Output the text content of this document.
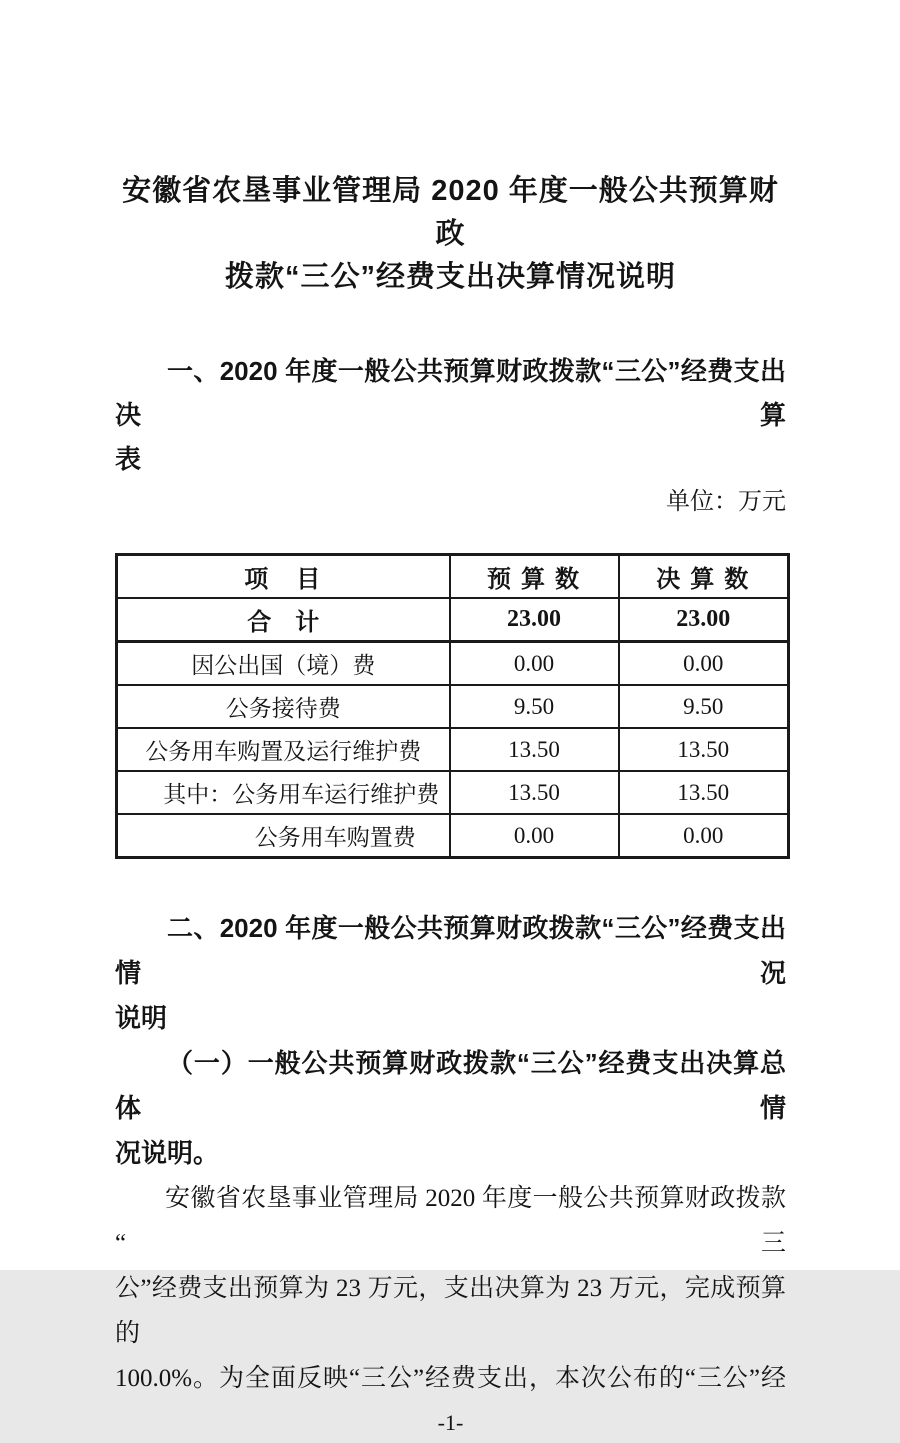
安徽省农垦事业管理局 2020 年度一般公共预算财政
拨款“三公”经费支出决算情况说明
一、2020 年度一般公共预算财政拨款“三公”经费支出决算
表
单位：万元
项　目	预 算 数	决 算 数
合　计	23.00	23.00
因公出国（境）费	0.00	0.00
公务接待费	9.50	9.50
公务用车购置及运行维护费	13.50	13.50
其中：公务用车运行维护费	13.50	13.50
公务用车购置费	0.00	0.00
二、2020 年度一般公共预算财政拨款“三公”经费支出情况
说明
（一）一般公共预算财政拨款“三公”经费支出决算总体情
况说明。
安徽省农垦事业管理局 2020 年度一般公共预算财政拨款“三
公”经费支出预算为 23 万元，支出决算为 23 万元，完成预算的
100.0%。为全面反映“三公”经费支出，本次公布的“三公”经
-1-
